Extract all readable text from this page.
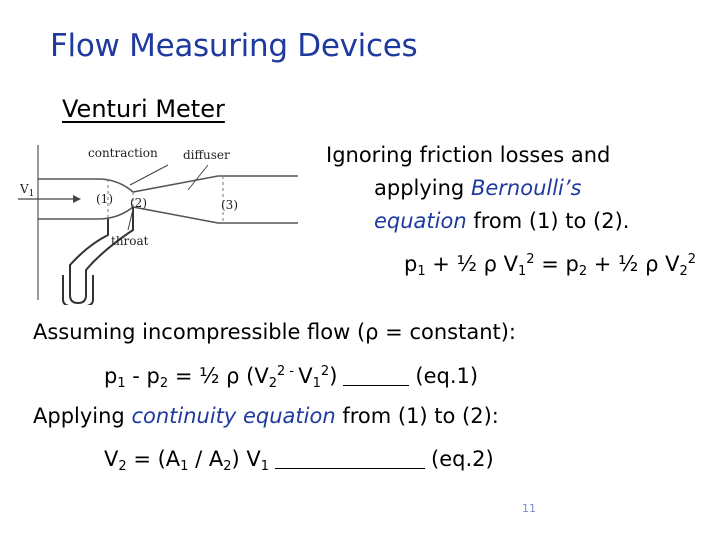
Flow Measuring Devices
Venturi Meter
contraction diffuser
$V_1$	(1) (2)	(3)
throat
Ignoring friction losses and
applying Bernoulli’s
equation from (1) to (2).
$p_1$ + ½ ρ $V_1^2 = p_2$ + ½ ρ $V_2^2$
Assuming incompressible flow (ρ = constant):
$p_1 - p_2$ = ½ ρ ($V_2^2$ - $V_1^2$)	(eq.1)
Applying continuity equation from (1) to (2):
$V_2 = (A_1 / A_2)$ $V_1$	(eq.2)
11
